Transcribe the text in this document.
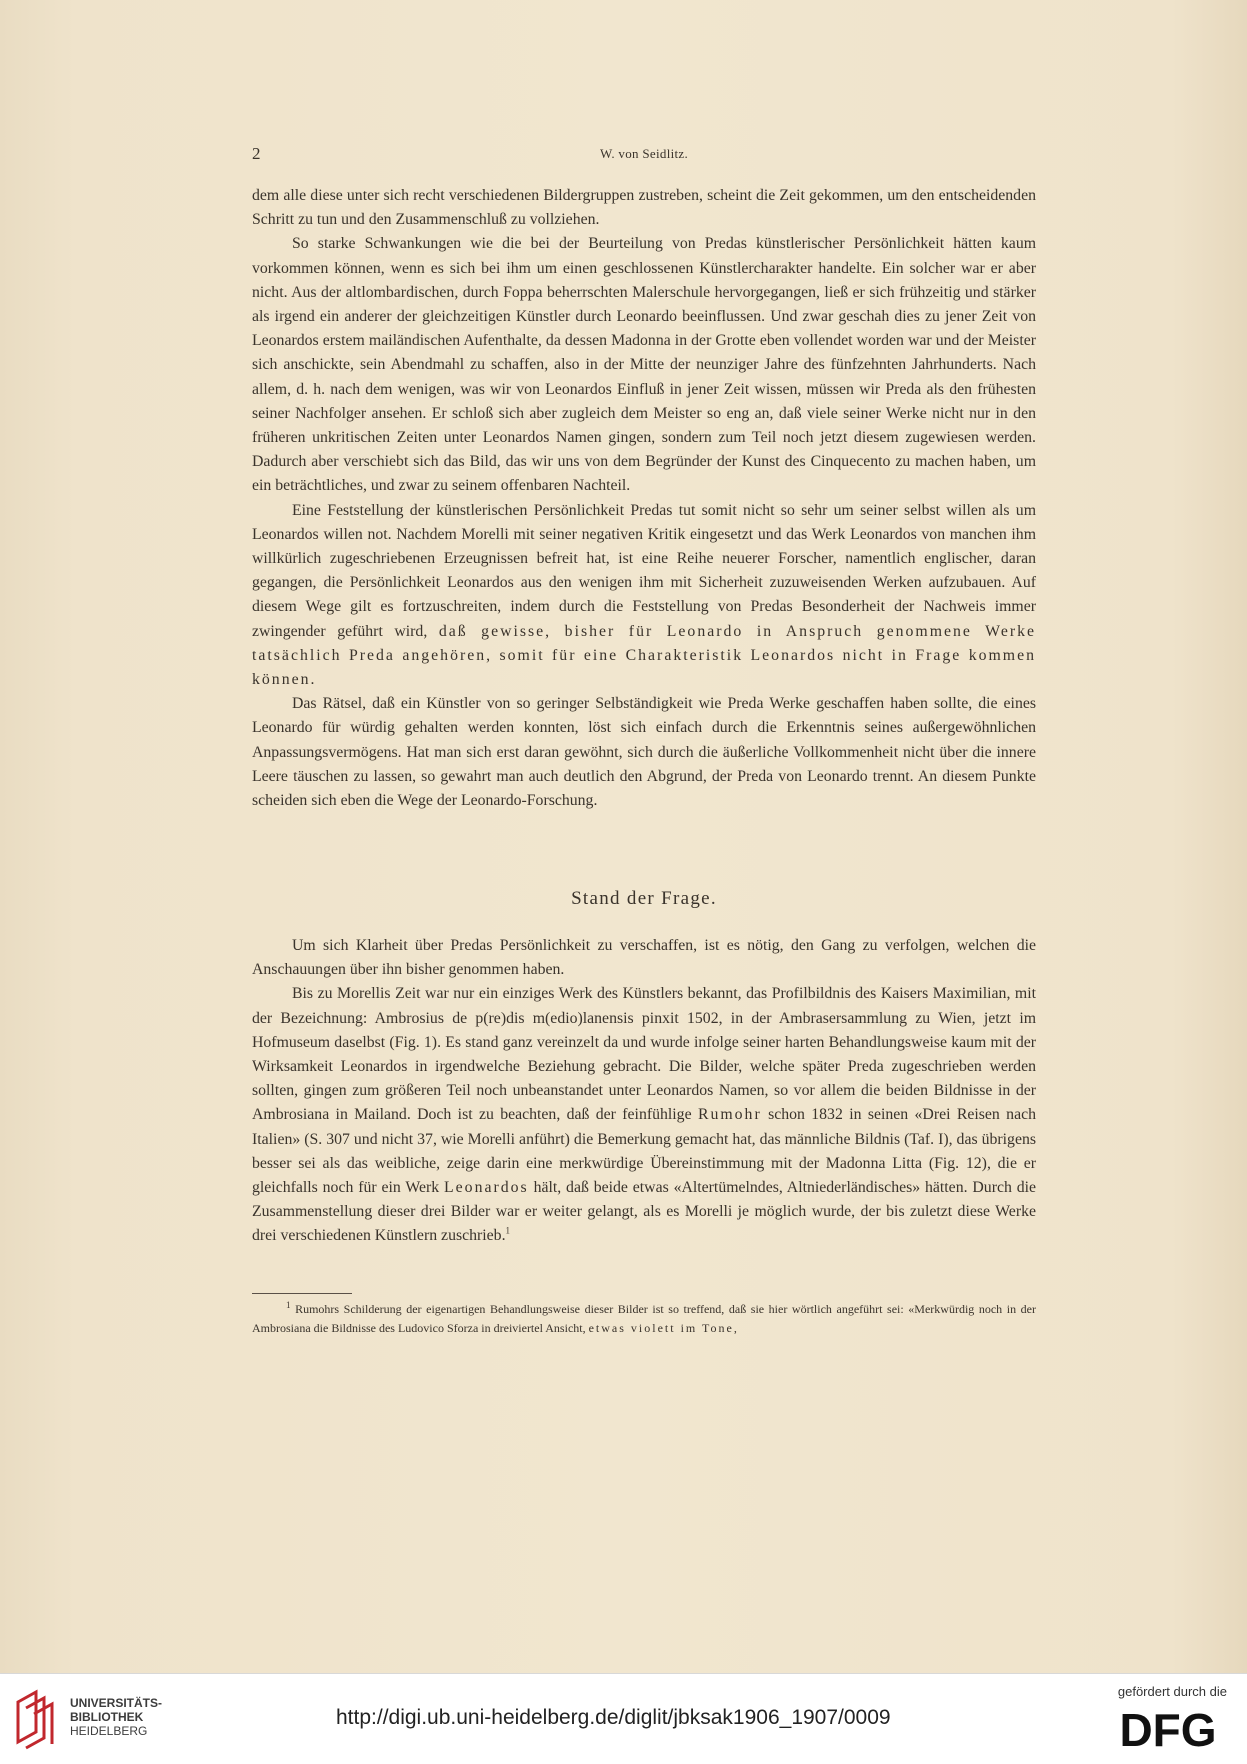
2	W. von Seidlitz.

dem alle diese unter sich recht verschiedenen Bildergruppen zustreben, scheint die Zeit gekommen, um den entscheidenden Schritt zu tun und den Zusammenschluß zu vollziehen.

So starke Schwankungen wie die bei der Beurteilung von Predas künstlerischer Persönlichkeit hätten kaum vorkommen können, wenn es sich bei ihm um einen geschlossenen Künstlercharakter handelte. Ein solcher war er aber nicht. Aus der altlombardischen, durch Foppa beherrschten Malerschule hervorgegangen, ließ er sich frühzeitig und stärker als irgend ein anderer der gleichzeitigen Künstler durch Leonardo beeinflussen. Und zwar geschah dies zu jener Zeit von Leonardos erstem mailändischen Aufenthalte, da dessen Madonna in der Grotte eben vollendet worden war und der Meister sich anschickte, sein Abendmahl zu schaffen, also in der Mitte der neunziger Jahre des fünfzehnten Jahrhunderts. Nach allem, d. h. nach dem wenigen, was wir von Leonardos Einfluß in jener Zeit wissen, müssen wir Preda als den frühesten seiner Nachfolger ansehen. Er schloß sich aber zugleich dem Meister so eng an, daß viele seiner Werke nicht nur in den früheren unkritischen Zeiten unter Leonardos Namen gingen, sondern zum Teil noch jetzt diesem zugewiesen werden. Dadurch aber verschiebt sich das Bild, das wir uns von dem Begründer der Kunst des Cinquecento zu machen haben, um ein beträchtliches, und zwar zu seinem offenbaren Nachteil.

Eine Feststellung der künstlerischen Persönlichkeit Predas tut somit nicht so sehr um seiner selbst willen als um Leonardos willen not. Nachdem Morelli mit seiner negativen Kritik eingesetzt und das Werk Leonardos von manchen ihm willkürlich zugeschriebenen Erzeugnissen befreit hat, ist eine Reihe neuerer Forscher, namentlich englischer, daran gegangen, die Persönlichkeit Leonardos aus den wenigen ihm mit Sicherheit zuzuweisenden Werken aufzubauen. Auf diesem Wege gilt es fortzuschreiten, indem durch die Feststellung von Predas Besonderheit der Nachweis immer zwingender geführt wird, daß gewisse, bisher für Leonardo in Anspruch genommene Werke tatsächlich Preda angehören, somit für eine Charakteristik Leonardos nicht in Frage kommen können.

Das Rätsel, daß ein Künstler von so geringer Selbständigkeit wie Preda Werke geschaffen haben sollte, die eines Leonardo für würdig gehalten werden konnten, löst sich einfach durch die Erkenntnis seines außergewöhnlichen Anpassungsvermögens. Hat man sich erst daran gewöhnt, sich durch die äußerliche Vollkommenheit nicht über die innere Leere täuschen zu lassen, so gewahrt man auch deutlich den Abgrund, der Preda von Leonardo trennt. An diesem Punkte scheiden sich eben die Wege der Leonardo-Forschung.

Stand der Frage.

Um sich Klarheit über Predas Persönlichkeit zu verschaffen, ist es nötig, den Gang zu verfolgen, welchen die Anschauungen über ihn bisher genommen haben.

Bis zu Morellis Zeit war nur ein einziges Werk des Künstlers bekannt, das Profilbildnis des Kaisers Maximilian, mit der Bezeichnung: Ambrosius de p(re)dis m(edio)lanensis pinxit 1502, in der Ambrasersammlung zu Wien, jetzt im Hofmuseum daselbst (Fig. 1). Es stand ganz vereinzelt da und wurde infolge seiner harten Behandlungsweise kaum mit der Wirksamkeit Leonardos in irgendwelche Beziehung gebracht. Die Bilder, welche später Preda zugeschrieben werden sollten, gingen zum größeren Teil noch unbeanstandet unter Leonardos Namen, so vor allem die beiden Bildnisse in der Ambrosiana in Mailand. Doch ist zu beachten, daß der feinfühlige Rumohr schon 1832 in seinen «Drei Reisen nach Italien» (S. 307 und nicht 37, wie Morelli anführt) die Bemerkung gemacht hat, das männliche Bildnis (Taf. I), das übrigens besser sei als das weibliche, zeige darin eine merkwürdige Übereinstimmung mit der Madonna Litta (Fig. 12), die er gleichfalls noch für ein Werk Leonardos hält, daß beide etwas «Altertümelndes, Altniederländisches» hätten. Durch die Zusammenstellung dieser drei Bilder war er weiter gelangt, als es Morelli je möglich wurde, der bis zuletzt diese Werke drei verschiedenen Künstlern zuschrieb.$^1$

$^1$ Rumohrs Schilderung der eigenartigen Behandlungsweise dieser Bilder ist so treffend, daß sie hier wörtlich angeführt sei: «Merkwürdig noch in der Ambrosiana die Bildnisse des Ludovico Sforza in dreiviertel Ansicht, etwas violett im Tone,

UNIVERSITÄTS-
BIBLIOTHEK
HEIDELBERG
http://digi.ub.uni-heidelberg.de/diglit/jbksak1906_1907/0009
gefördert durch die
DFG
